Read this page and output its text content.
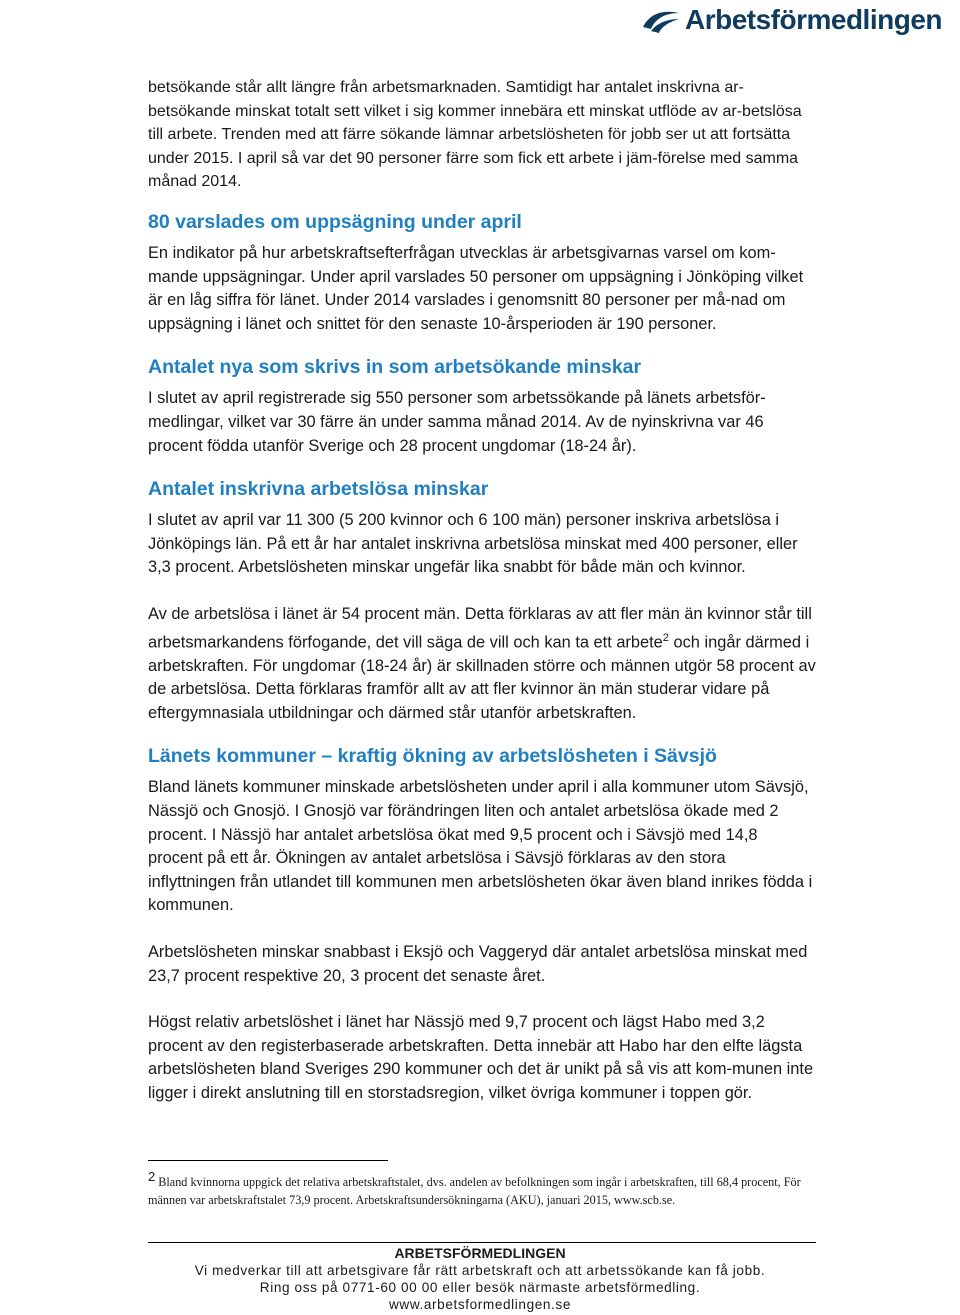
Arbetsförmedlingen

betsökande står allt längre från arbetsmarknaden. Samtidigt har antalet inskrivna ar-betsökande minskat totalt sett vilket i sig kommer innebära ett minskat utflöde av ar-betslösa till arbete. Trenden med att färre sökande lämnar arbetslösheten för jobb ser ut att fortsätta under 2015. I april så var det 90 personer färre som fick ett arbete i jäm-förelse med samma månad 2014.

80 varslades om uppsägning under april

En indikator på hur arbetskraftsefterfrågan utvecklas är arbetsgivarnas varsel om kom-mande uppsägningar. Under april varslades 50 personer om uppsägning i Jönköping vilket är en låg siffra för länet. Under 2014 varslades i genomsnitt 80 personer per må-nad om uppsägning i länet och snittet för den senaste 10-årsperioden är 190 personer.

Antalet nya som skrivs in som arbetsökande minskar

I slutet av april registrerade sig 550 personer som arbetssökande på länets arbetsför-medlingar, vilket var 30 färre än under samma månad 2014. Av de nyinskrivna var 46 procent födda utanför Sverige och 28 procent ungdomar (18-24 år).

Antalet inskrivna arbetslösa minskar

I slutet av april var 11 300 (5 200 kvinnor och 6 100 män) personer inskriva arbetslösa i Jönköpings län. På ett år har antalet inskrivna arbetslösa minskat med 400 personer, eller 3,3 procent. Arbetslösheten minskar ungefär lika snabbt för både män och kvinnor.

Av de arbetslösa i länet är 54 procent män. Detta förklaras av att fler män än kvinnor står till arbetsmarkandens förfogande, det vill säga de vill och kan ta ett arbete$^2$ och ingår därmed i arbetskraften. För ungdomar (18-24 år) är skillnaden större och männen utgör 58 procent av de arbetslösa. Detta förklaras framför allt av att fler kvinnor än män studerar vidare på eftergymnasiala utbildningar och därmed står utanför arbetskraften.

Länets kommuner – kraftig ökning av arbetslösheten i Sävsjö

Bland länets kommuner minskade arbetslösheten under april i alla kommuner utom Sävsjö, Nässjö och Gnosjö. I Gnosjö var förändringen liten och antalet arbetslösa ökade med 2 procent. I Nässjö har antalet arbetslösa ökat med 9,5 procent och i Sävsjö med 14,8 procent på ett år. Ökningen av antalet arbetslösa i Sävsjö förklaras av den stora inflyttningen från utlandet till kommunen men arbetslösheten ökar även bland inrikes födda i kommunen.

Arbetslösheten minskar snabbast i Eksjö och Vaggeryd där antalet arbetslösa minskat med 23,7 procent respektive 20, 3 procent det senaste året.

Högst relativ arbetslöshet i länet har Nässjö med 9,7 procent och lägst Habo med 3,2 procent av den registerbaserade arbetskraften. Detta innebär att Habo har den elfte lägsta arbetslösheten bland Sveriges 290 kommuner och det är unikt på så vis att kom-munen inte ligger i direkt anslutning till en storstadsregion, vilket övriga kommuner i toppen gör.

$^2$ Bland kvinnorna uppgick det relativa arbetskraftstalet, dvs. andelen av befolkningen som ingår i arbetskraften, till 68,4 procent, För männen var arbetskraftstalet 73,9 procent. Arbetskraftsundersökningarna (AKU), januari 2015, www.scb.se.
ARBETSFÖRMEDLINGEN
Vi medverkar till att arbetsgivare får rätt arbetskraft och att arbetssökande kan få jobb.
Ring oss på 0771-60 00 00 eller besök närmaste arbetsförmedling.
www.arbetsformedlingen.se
